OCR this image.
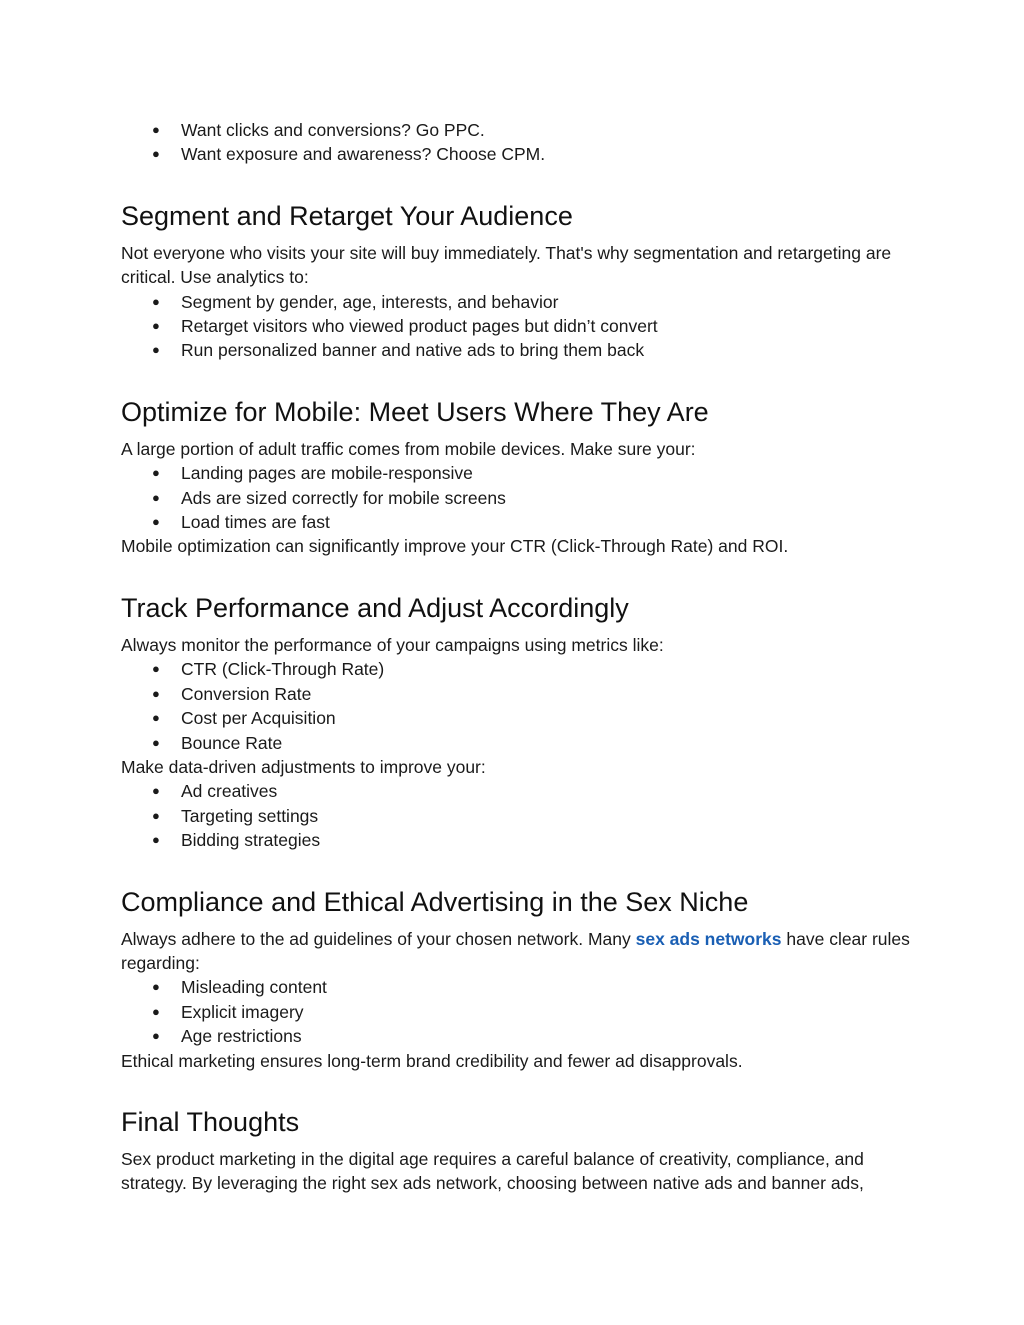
● Want clicks and conversions? Go PPC.
● Want exposure and awareness? Choose CPM.
Segment and Retarget Your Audience

Not everyone who visits your site will buy immediately. That's why segmentation and retargeting are critical. Use analytics to:

● Segment by gender, age, interests, and behavior
● Retarget visitors who viewed product pages but didn’t convert
● Run personalized banner and native ads to bring them back
Optimize for Mobile: Meet Users Where They Are

A large portion of adult traffic comes from mobile devices. Make sure your:

● Landing pages are mobile-responsive
● Ads are sized correctly for mobile screens
● Load times are fast

Mobile optimization can significantly improve your CTR (Click-Through Rate) and ROI.

Track Performance and Adjust Accordingly

Always monitor the performance of your campaigns using metrics like:

● CTR (Click-Through Rate)
● Conversion Rate
● Cost per Acquisition
● Bounce Rate

Make data-driven adjustments to improve your:

● Ad creatives
● Targeting settings
● Bidding strategies
Compliance and Ethical Advertising in the Sex Niche

Always adhere to the ad guidelines of your chosen network. Many sex ads networks have clear rules regarding:

● Misleading content
● Explicit imagery
● Age restrictions

Ethical marketing ensures long-term brand credibility and fewer ad disapprovals.

Final Thoughts

Sex product marketing in the digital age requires a careful balance of creativity, compliance, and strategy. By leveraging the right sex ads network, choosing between native ads and banner ads,
